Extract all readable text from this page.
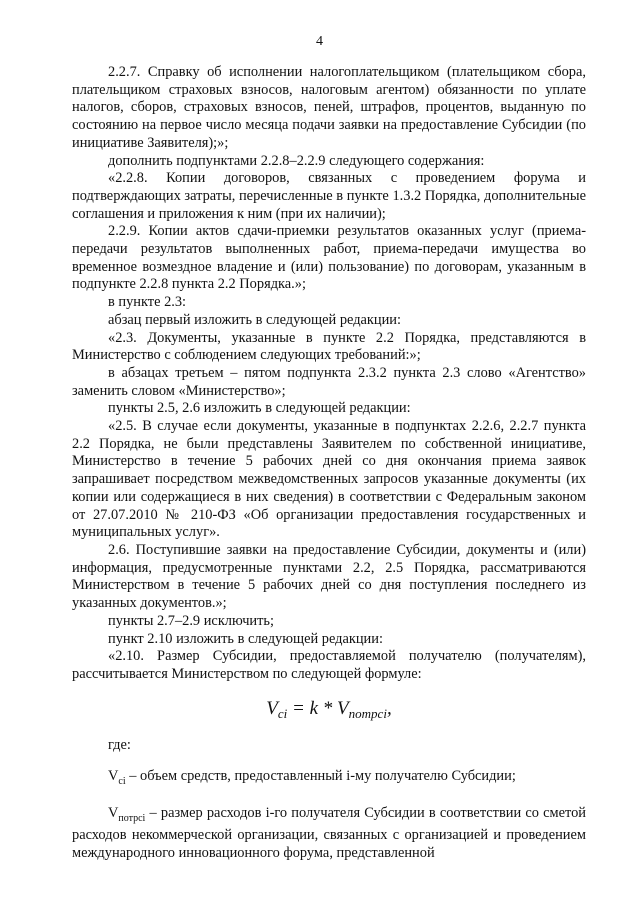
4

2.2.7. Справку об исполнении налогоплательщиком (плательщиком сбора, плательщиком страховых взносов, налоговым агентом) обязанности по уплате налогов, сборов, страховых взносов, пеней, штрафов, процентов, выданную по состоянию на первое число месяца подачи заявки на предоставление Субсидии (по инициативе Заявителя);»;

дополнить подпунктами 2.2.8–2.2.9 следующего содержания:

«2.2.8. Копии договоров, связанных с проведением форума и подтверждающих затраты, перечисленные в пункте 1.3.2 Порядка, дополнительные соглашения и приложения к ним (при их наличии);

2.2.9. Копии актов сдачи-приемки результатов оказанных услуг (приема-передачи результатов выполненных работ, приема-передачи имущества во временное возмездное владение и (или) пользование) по договорам, указанным в подпункте 2.2.8 пункта 2.2 Порядка.»;

в пункте 2.3:

абзац первый изложить в следующей редакции:

«2.3. Документы, указанные в пункте 2.2 Порядка, представляются в Министерство с соблюдением следующих требований:»;

в абзацах третьем – пятом подпункта 2.3.2 пункта 2.3 слово «Агентство» заменить словом «Министерство»;

пункты 2.5, 2.6 изложить в следующей редакции:

«2.5. В случае если документы, указанные в подпунктах 2.2.6, 2.2.7 пункта 2.2 Порядка, не были представлены Заявителем по собственной инициативе, Министерство в течение 5 рабочих дней со дня окончания приема заявок запрашивает посредством межведомственных запросов указанные документы (их копии или содержащиеся в них сведения) в соответствии с Федеральным законом от 27.07.2010 № 210-ФЗ «Об организации предоставления государственных и муниципальных услуг».

2.6. Поступившие заявки на предоставление Субсидии, документы и (или) информация, предусмотренные пунктами 2.2, 2.5 Порядка, рассматриваются Министерством в течение 5 рабочих дней со дня поступления последнего из указанных документов.»;

пункты 2.7–2.9 исключить;

пункт 2.10 изложить в следующей редакции:

«2.10. Размер Субсидии, предоставляемой получателю (получателям), рассчитывается Министерством по следующей формуле:

$V_{ci} = k * V_{nompci}$,

где:

$V_{ci}$ – объем средств, предоставленный i-му получателю Субсидии;

$V_{потрci}$ – размер расходов i-го получателя Субсидии в соответствии со сметой расходов некоммерческой организации, связанных с организацией и проведением международного инновационного форума, представленной
